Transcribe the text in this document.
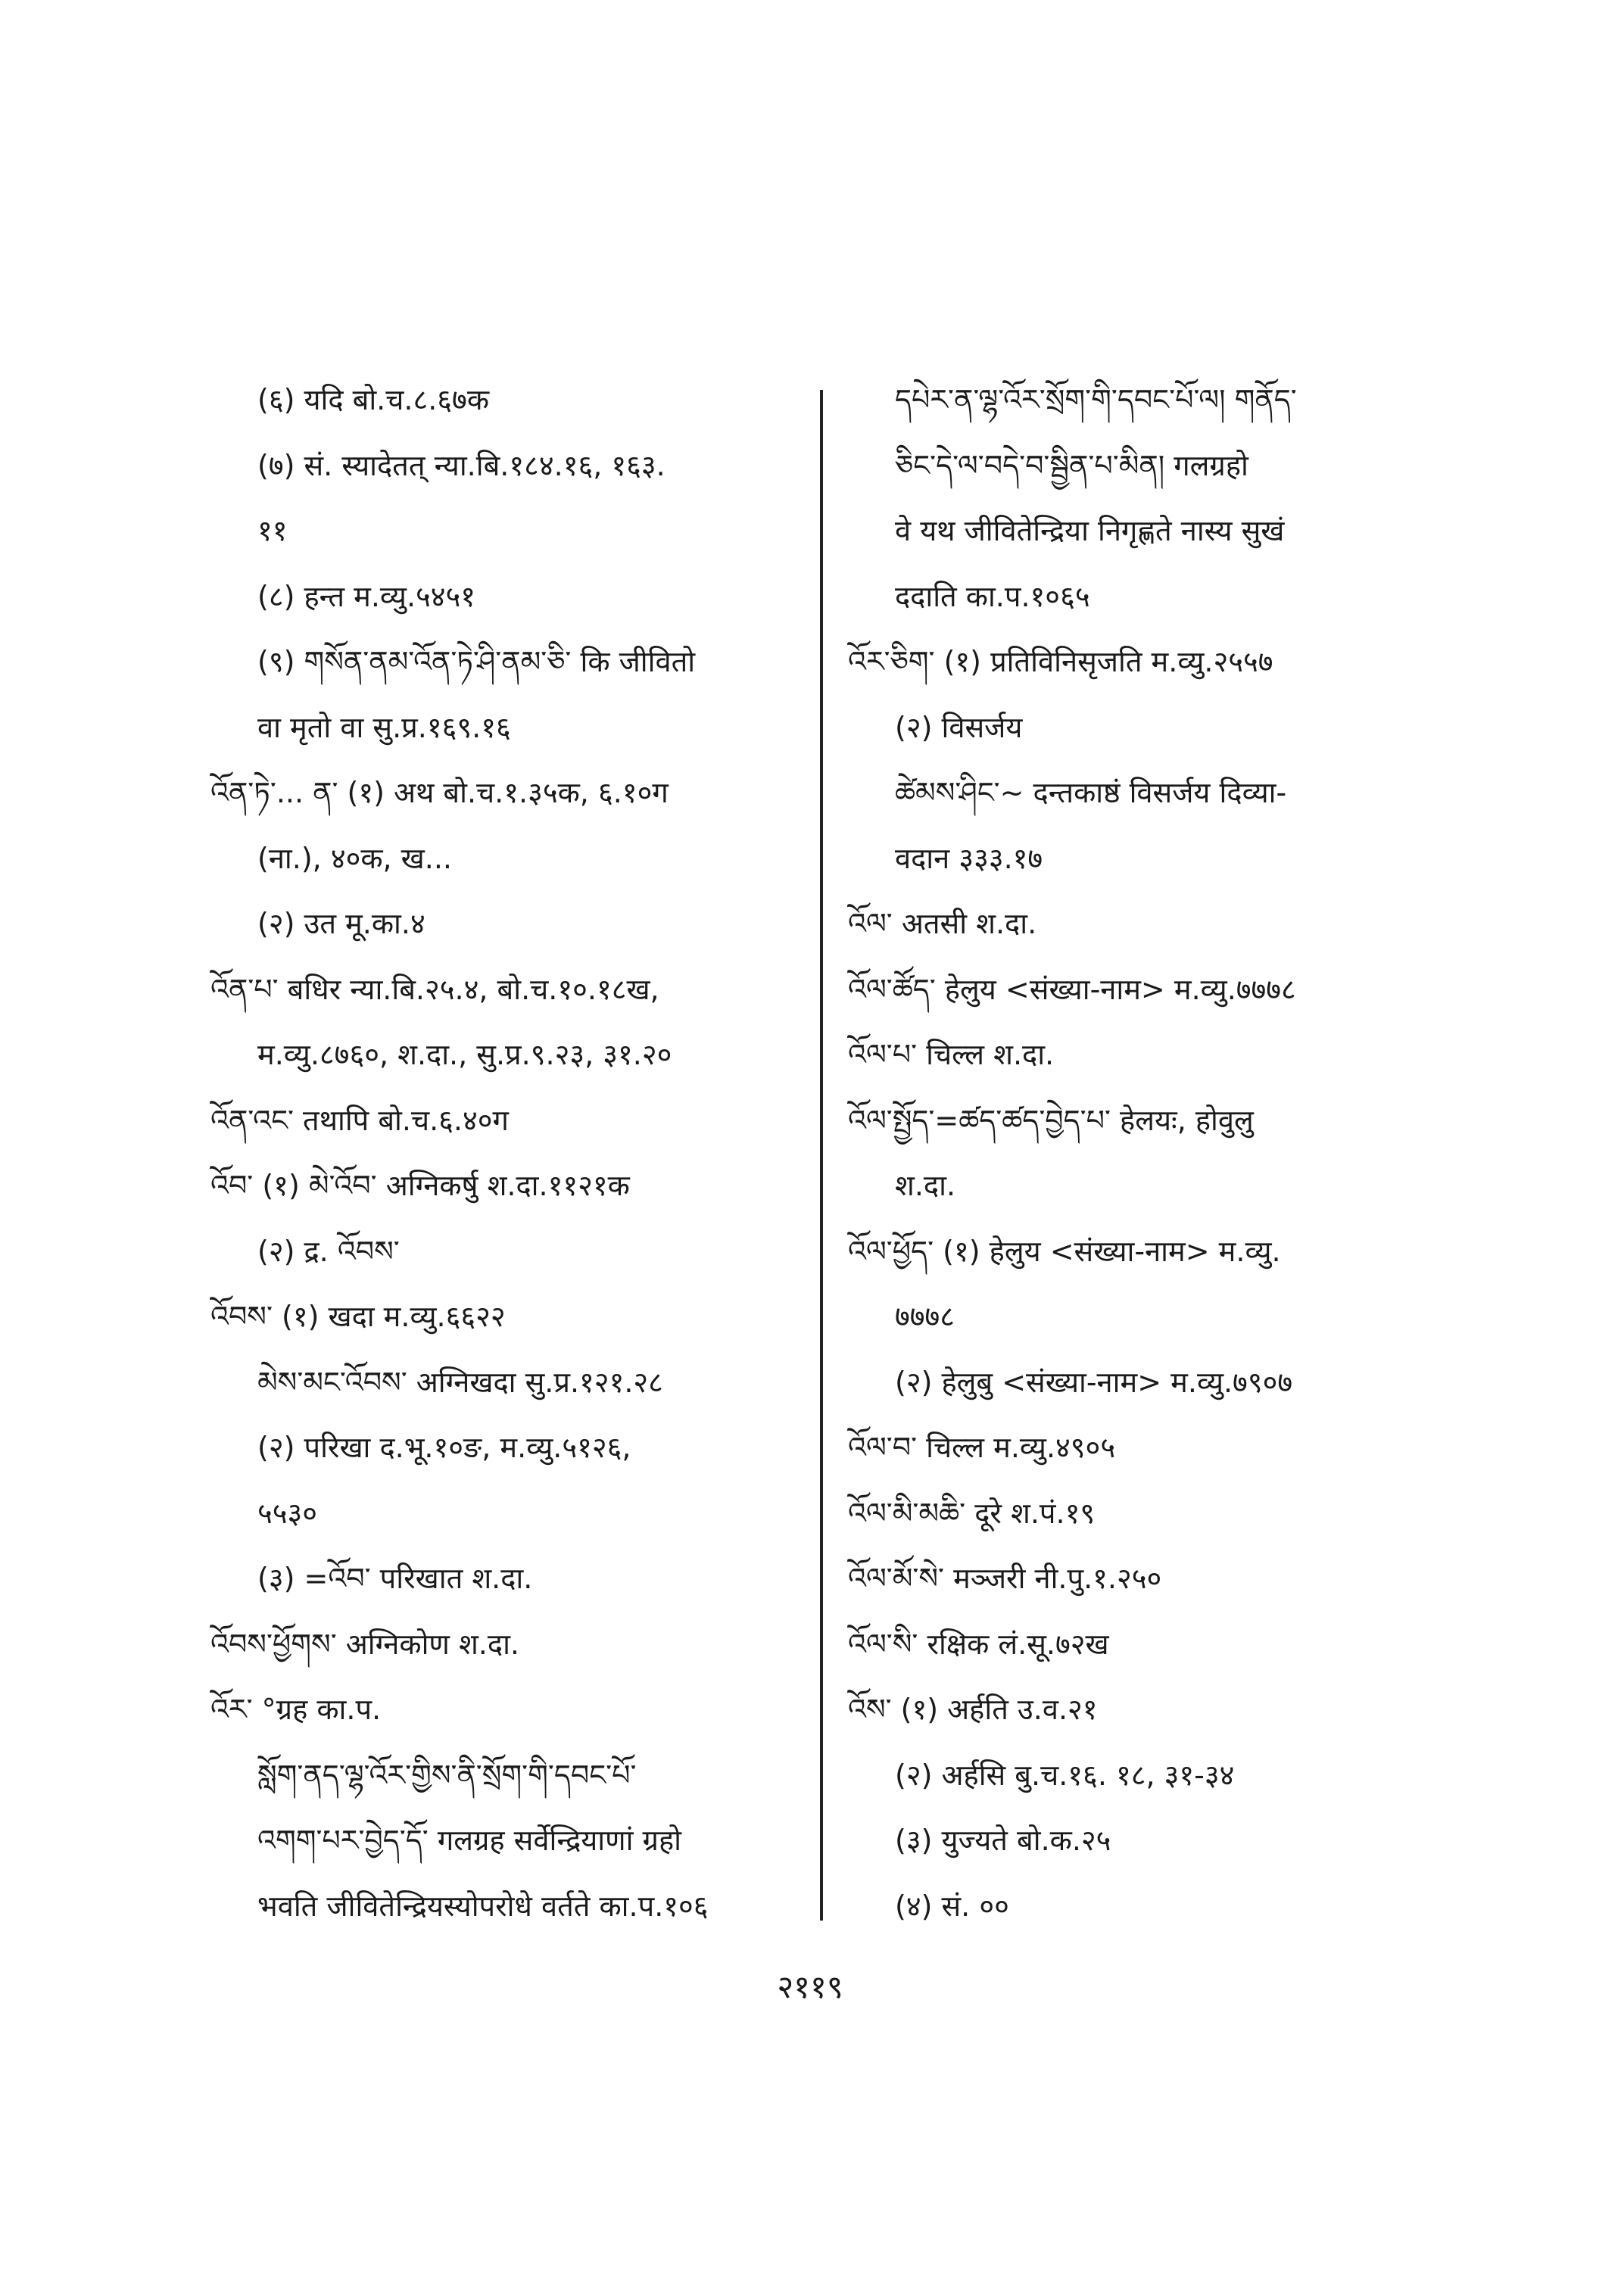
(६) यदि बो.च.८.६७क
(७) सं. स्यादेतत् न्या.बि.१८४.१६, १६३.
११
(८) हन्त म.व्यु.५४५१
(९) གསོན་ནམ་འོན་ཏེ་ཤི་ནམ་ཅི་ कि जीवितो
वा मृतो वा सु.प्र.१६९.१६
འོན་ཏེ་... ན་ (१) अथ बो.च.१.३५क, ६.१०ग
(ना.), ४०क, ख...
(२) उत मू.का.४
འོན་པ་ बधिर न्या.बि.२५.४, बो.च.१०.१८ख,
म.व्यु.८७६०, श.दा., सु.प्र.९.२३, ३१.२०
འོན་འང་ तथापि बो.च.६.४०ग
འོབ་ (१) མེ་འོབ་ अग्निकर्षु श.दा.११२१क
(२) द्र. འོབས་
འོབས་ (१) खदा म.व्यु.६६२२
མེས་མང་འོབས་ अग्निखदा सु.प्र.१२१.२८
(२) परिखा द.भू.१०ङ, म.व्यु.५१२६,
५५३०
(३) =འོབ་ परिखात श.दा.
འོབས་ཕྱོགས་ अग्निकोण श.दा.
འོར་ °ग्रह का.प.
སློག་ནད་ལྷ་འོར་གྱིས་ནི་སྲོག་གི་དབང་པོ་
འགག་པར་བྱེད་དོ་ गलग्रह सर्वेन्द्रियाणां ग्रहो
भवति जीवितेन्द्रियस्योपरोधे वर्तते का.प.१०६
དཔེར་ན་ལྷ་འོར་སྲོག་གི་དབང་པོ་ལ། གནོད་
ཅིང་དེ་ལ་བདེ་བ་སྦྱིན་པ་མིན། गलग्रहो
वे यथ जीवितेन्द्रिया निगृह्णते नास्य सुखं
ददाति का.प.१०६५
འོར་ཅིག་ (१) प्रतिविनिसृजति म.व्यु.२५५७
(२) विसर्जय
ཚེམས་ཤིང་~ दन्तकाष्ठं विसर्जय दिव्या-
वदान ३३३.१७
འོལ་ अतसी श.दा.
འོལ་ཚོད་ हेलुय <संख्या-नाम> म.व्यु.७७७८
འོལ་པ་ चिल्ल श.दा.
འོལ་སྤྱོད་=ཚད་ཚད་བྱེད་པ་ हेलयः, होवुलु
श.दा.
འོལ་ཕྱོད་ (१) हेलुय <संख्या-नाम> म.व्यु.
७७७८
(२) हेलुबु <संख्या-नाम> म.व्यु.७९०७
འོལ་བ་ चिल्ल म.व्यु.४९०५
འོལ་མི་མཆི་ दूरे श.पं.१९
འོལ་མོ་སེ་ मञ्जरी नी.पु.१.२५०
འོལ་སི་ रक्षिक लं.सू.७२ख
འོས་ (१) अर्हति उ.व.२१
(२) अर्हसि बु.च.१६. १८, ३१-३४
(३) युज्यते बो.क.२५
(४) सं. ००
२११९
